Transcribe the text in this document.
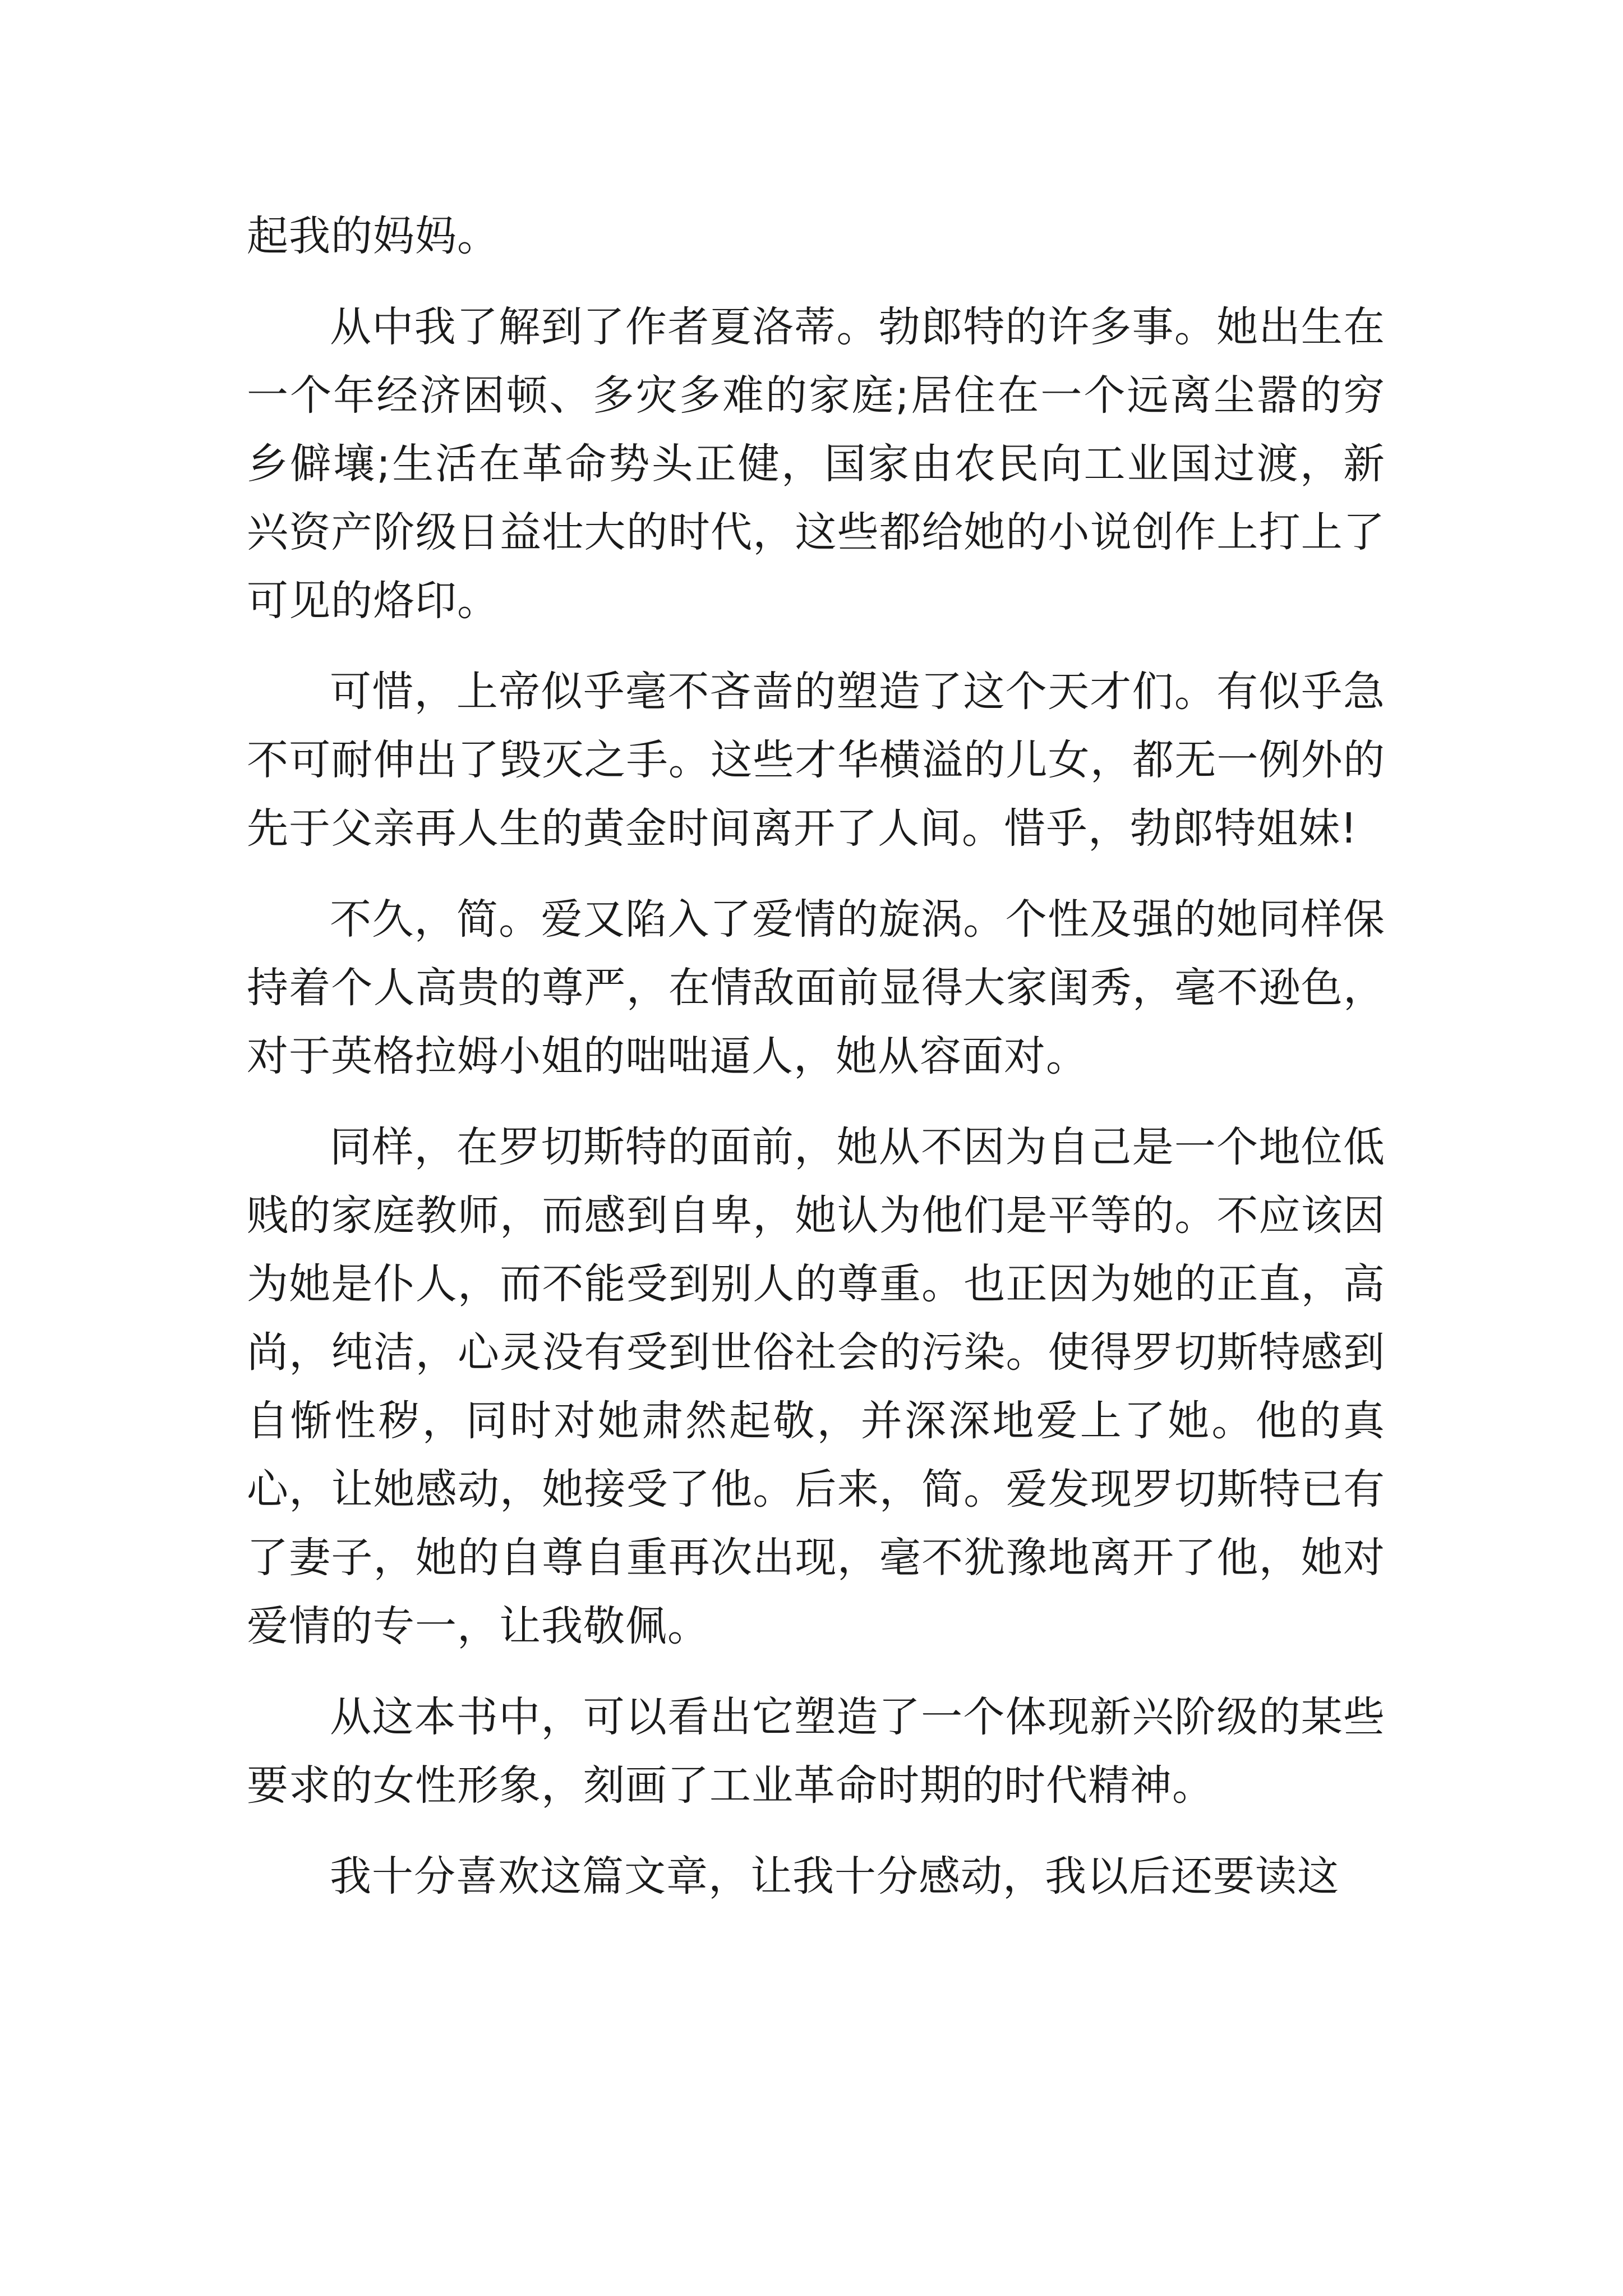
起我的妈妈。

从中我了解到了作者夏洛蒂。勃郎特的许多事。她出生在一个年经济困顿、多灾多难的家庭;居住在一个远离尘嚣的穷乡僻壤;生活在革命势头正健，国家由农民向工业国过渡，新兴资产阶级日益壮大的时代，这些都给她的小说创作上打上了可见的烙印。

可惜，上帝似乎毫不吝啬的塑造了这个天才们。有似乎急不可耐伸出了毁灭之手。这些才华横溢的儿女，都无一例外的先于父亲再人生的黄金时间离开了人间。惜乎，勃郎特姐妹!

不久，简。爱又陷入了爱情的旋涡。个性及强的她同样保持着个人高贵的尊严，在情敌面前显得大家闺秀，毫不逊色，对于英格拉姆小姐的咄咄逼人，她从容面对。

同样，在罗切斯特的面前，她从不因为自己是一个地位低贱的家庭教师，而感到自卑，她认为他们是平等的。不应该因为她是仆人，而不能受到别人的尊重。也正因为她的正直，高尚，纯洁，心灵没有受到世俗社会的污染。使得罗切斯特感到自惭性秽，同时对她肃然起敬，并深深地爱上了她。他的真心，让她感动，她接受了他。后来，简。爱发现罗切斯特已有了妻子，她的自尊自重再次出现，毫不犹豫地离开了他，她对爱情的专一，让我敬佩。

从这本书中，可以看出它塑造了一个体现新兴阶级的某些要求的女性形象，刻画了工业革命时期的时代精神。

我十分喜欢这篇文章，让我十分感动，我以后还要读这
